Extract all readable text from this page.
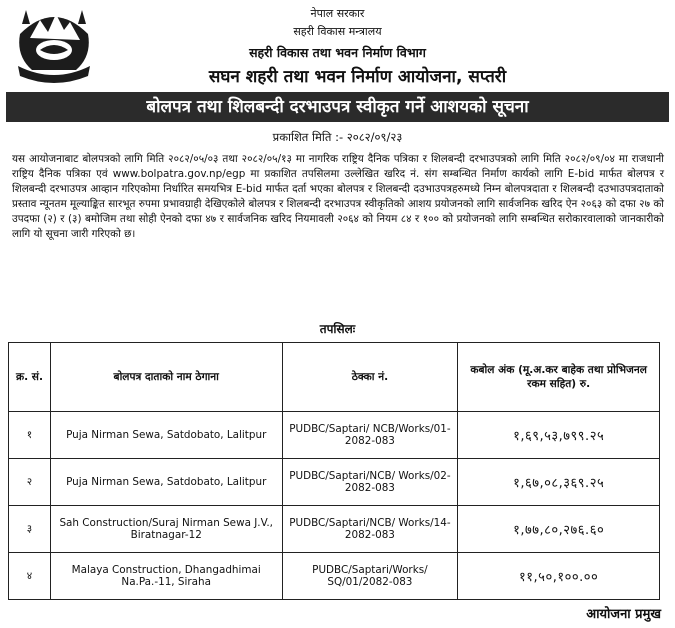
नेपाल सरकार
सहरी विकास मन्त्रालय
सहरी विकास तथा भवन निर्माण विभाग
सघन शहरी तथा भवन निर्माण आयोजना, सप्तरी
बोलपत्र तथा शिलबन्दी दरभाउपत्र स्वीकृत गर्ने आशयको सूचना
प्रकाशित मिति :- २०८२/०९/२३
यस आयोजनाबाट बोलपत्रको लागि मिति २०८२/०५/०३ तथा २०८२/०५/१३ मा नागरिक राष्ट्रिय दैनिक पत्रिका र शिलबन्दी दरभाउपत्रको लागि मिति २०८२/०९/०४ मा राजधानी राष्ट्रिय दैनिक पत्रिका एवं www.bolpatra.gov.np/egp मा प्रकाशित तपसिलमा उल्लेखित खरिद नं. संग सम्बन्धित निर्माण कार्यको लागि E-bid मार्फत बोलपत्र र शिलबन्दी दरभाउपत्र आव्हान गरिएकोमा निर्धारित समयभित्र E-bid मार्फत दर्ता भएका बोलपत्र र शिलबन्दी दउभाउपत्रहरुमध्ये निम्न बोलपत्रदाता र शिलबन्दी दउभाउपत्रदाताको प्रस्ताव न्यूनतम मूल्याङ्कित सारभूत रुपमा प्रभावग्राही देखिएकोले बोलपत्र र शिलबन्दी दरभाउपत्र स्वीकृतिको आशय प्रयोजनको लागि सार्वजनिक खरिद ऐन २०६३ को दफा २७ को उपदफा (२) र (३) बमोजिम तथा सोही ऐनको दफा ४७ र सार्वजनिक खरिद नियमावली २०६४ को नियम ८४ र १०० को प्रयोजनको लागि सम्बन्धित सरोकारवालाको जानकारीको लागि यो सूचना जारी गरिएको छ।
तपसिलः
क्र. सं.	बोलपत्र दाताको नाम ठेगाना	ठेक्का नं.	कबोल अंक (मू.अ.कर बाहेक तथा प्रोभिजनल रकम सहित) रु.
१	Puja Nirman Sewa, Satdobato, Lalitpur	PUDBC/Saptari/ NCB/Works/01-2082-083	१,६९,५३,७९९.२५
२	Puja Nirman Sewa, Satdobato, Lalitpur	PUDBC/Saptari/NCB/ Works/02-2082-083	१,६७,०८,३६९.२५
३	Sah Construction/Suraj Nirman Sewa J.V., Biratnagar-12	PUDBC/Saptari/NCB/ Works/14-2082-083	१,७७,८०,२७६.६०
४	Malaya Construction, Dhangadhimai Na.Pa.-11, Siraha	PUDBC/Saptari/Works/ SQ/01/2082-083	११,५०,१००.००
आयोजना प्रमुख
